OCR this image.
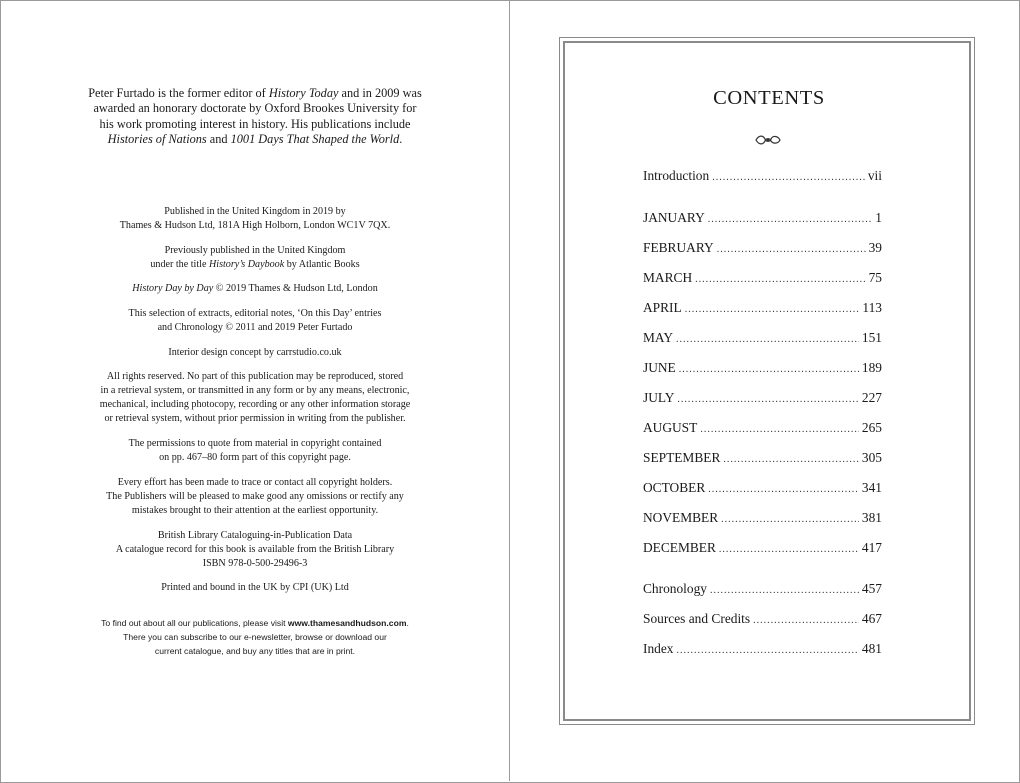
Peter Furtado is the former editor of History Today and in 2009 was

awarded an honorary doctorate by Oxford Brookes University for

his work promoting interest in history. His publications include

Histories of Nations and 1001 Days That Shaped the World.

Published in the United Kingdom in 2019 by
Thames & Hudson Ltd, 181A High Holborn, London WC1V 7QX.

Previously published in the United Kingdom
under the title History’s Daybook by Atlantic Books

History Day by Day © 2019 Thames & Hudson Ltd, London

This selection of extracts, editorial notes, ‘On this Day’ entries
and Chronology © 2011 and 2019 Peter Furtado

Interior design concept by carrstudio.co.uk

All rights reserved. No part of this publication may be reproduced, stored
in a retrieval system, or transmitted in any form or by any means, electronic,
mechanical, including photocopy, recording or any other information storage
or retrieval system, without prior permission in writing from the publisher.

The permissions to quote from material in copyright contained
on pp. 467–80 form part of this copyright page.

Every effort has been made to trace or contact all copyright holders.
The Publishers will be pleased to make good any omissions or rectify any
mistakes brought to their attention at the earliest opportunity.

British Library Cataloguing-in-Publication Data
A catalogue record for this book is available from the British Library
ISBN 978-0-500-29496-3

Printed and bound in the UK by CPI (UK) Ltd

To find out about all our publications, please visit www.thamesandhudson.com.

There you can subscribe to our e-newsletter, browse or download our

current catalogue, and buy any titles that are in print.

CONTENTS
Introduction .....	vii
JANUARY .....	1
FEBRUARY .....	39
MARCH .....	75
APRIL .....	113
MAY .....	151
JUNE .....	189
JULY .....	227
AUGUST .....	265
SEPTEMBER .....	305
OCTOBER .....	341
NOVEMBER .....	381
DECEMBER .....	417
Chronology .....	457
Sources and Credits .....	467
Index .....	481
